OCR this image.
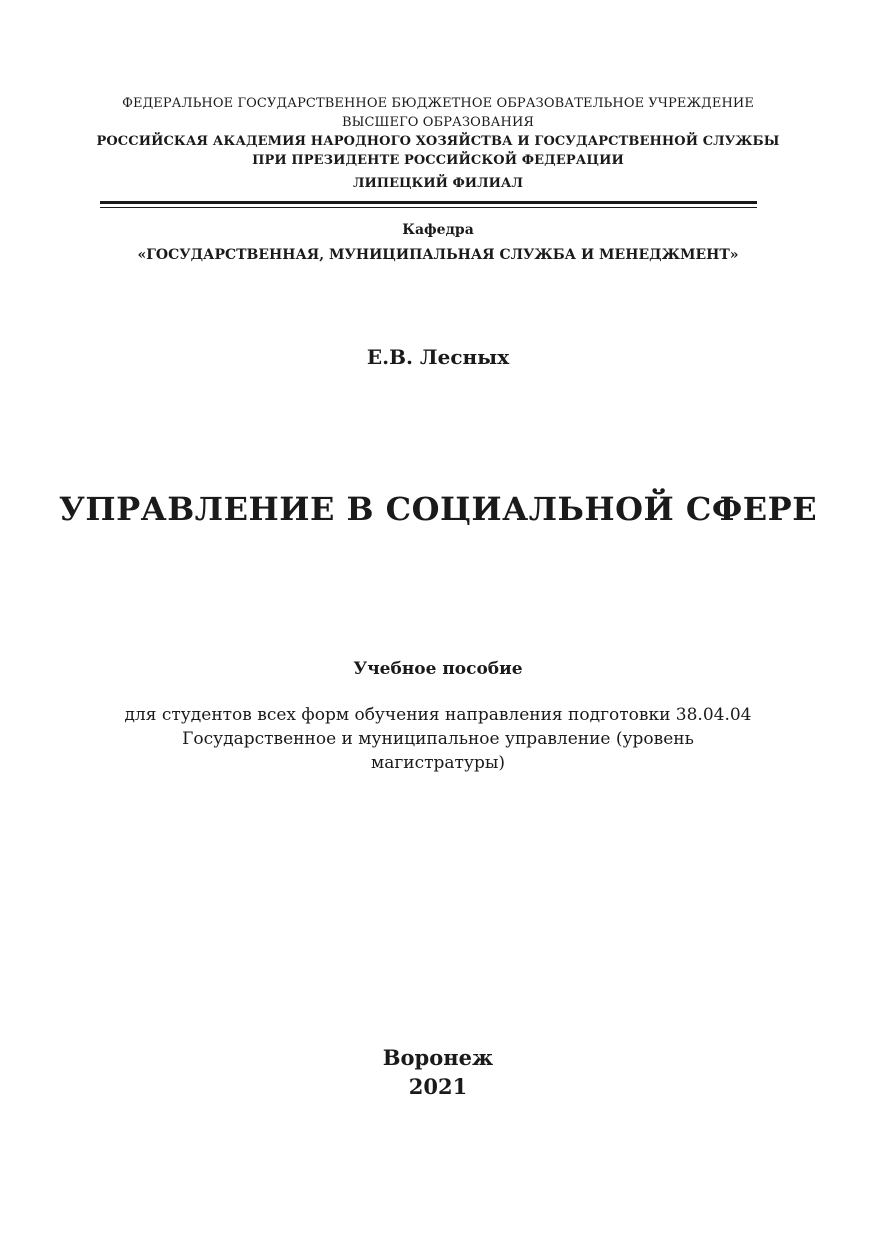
ФЕДЕРАЛЬНОЕ ГОСУДАРСТВЕННОЕ БЮДЖЕТНОЕ ОБРАЗОВАТЕЛЬНОЕ УЧРЕЖДЕНИЕ
ВЫСШЕГО ОБРАЗОВАНИЯ
РОССИЙСКАЯ АКАДЕМИЯ НАРОДНОГО ХОЗЯЙСТВА И ГОСУДАРСТВЕННОЙ СЛУЖБЫ
ПРИ ПРЕЗИДЕНТЕ РОССИЙСКОЙ ФЕДЕРАЦИИ
ЛИПЕЦКИЙ ФИЛИАЛ
Кафедра
«ГОСУДАРСТВЕННАЯ, МУНИЦИПАЛЬНАЯ СЛУЖБА И МЕНЕДЖМЕНТ»
Е.В. Лесных
УПРАВЛЕНИЕ В СОЦИАЛЬНОЙ СФЕРЕ
Учебное пособие
для студентов всех форм обучения направления подготовки 38.04.04 Государственное и муниципальное управление (уровень магистратуры)
Воронеж
2021
